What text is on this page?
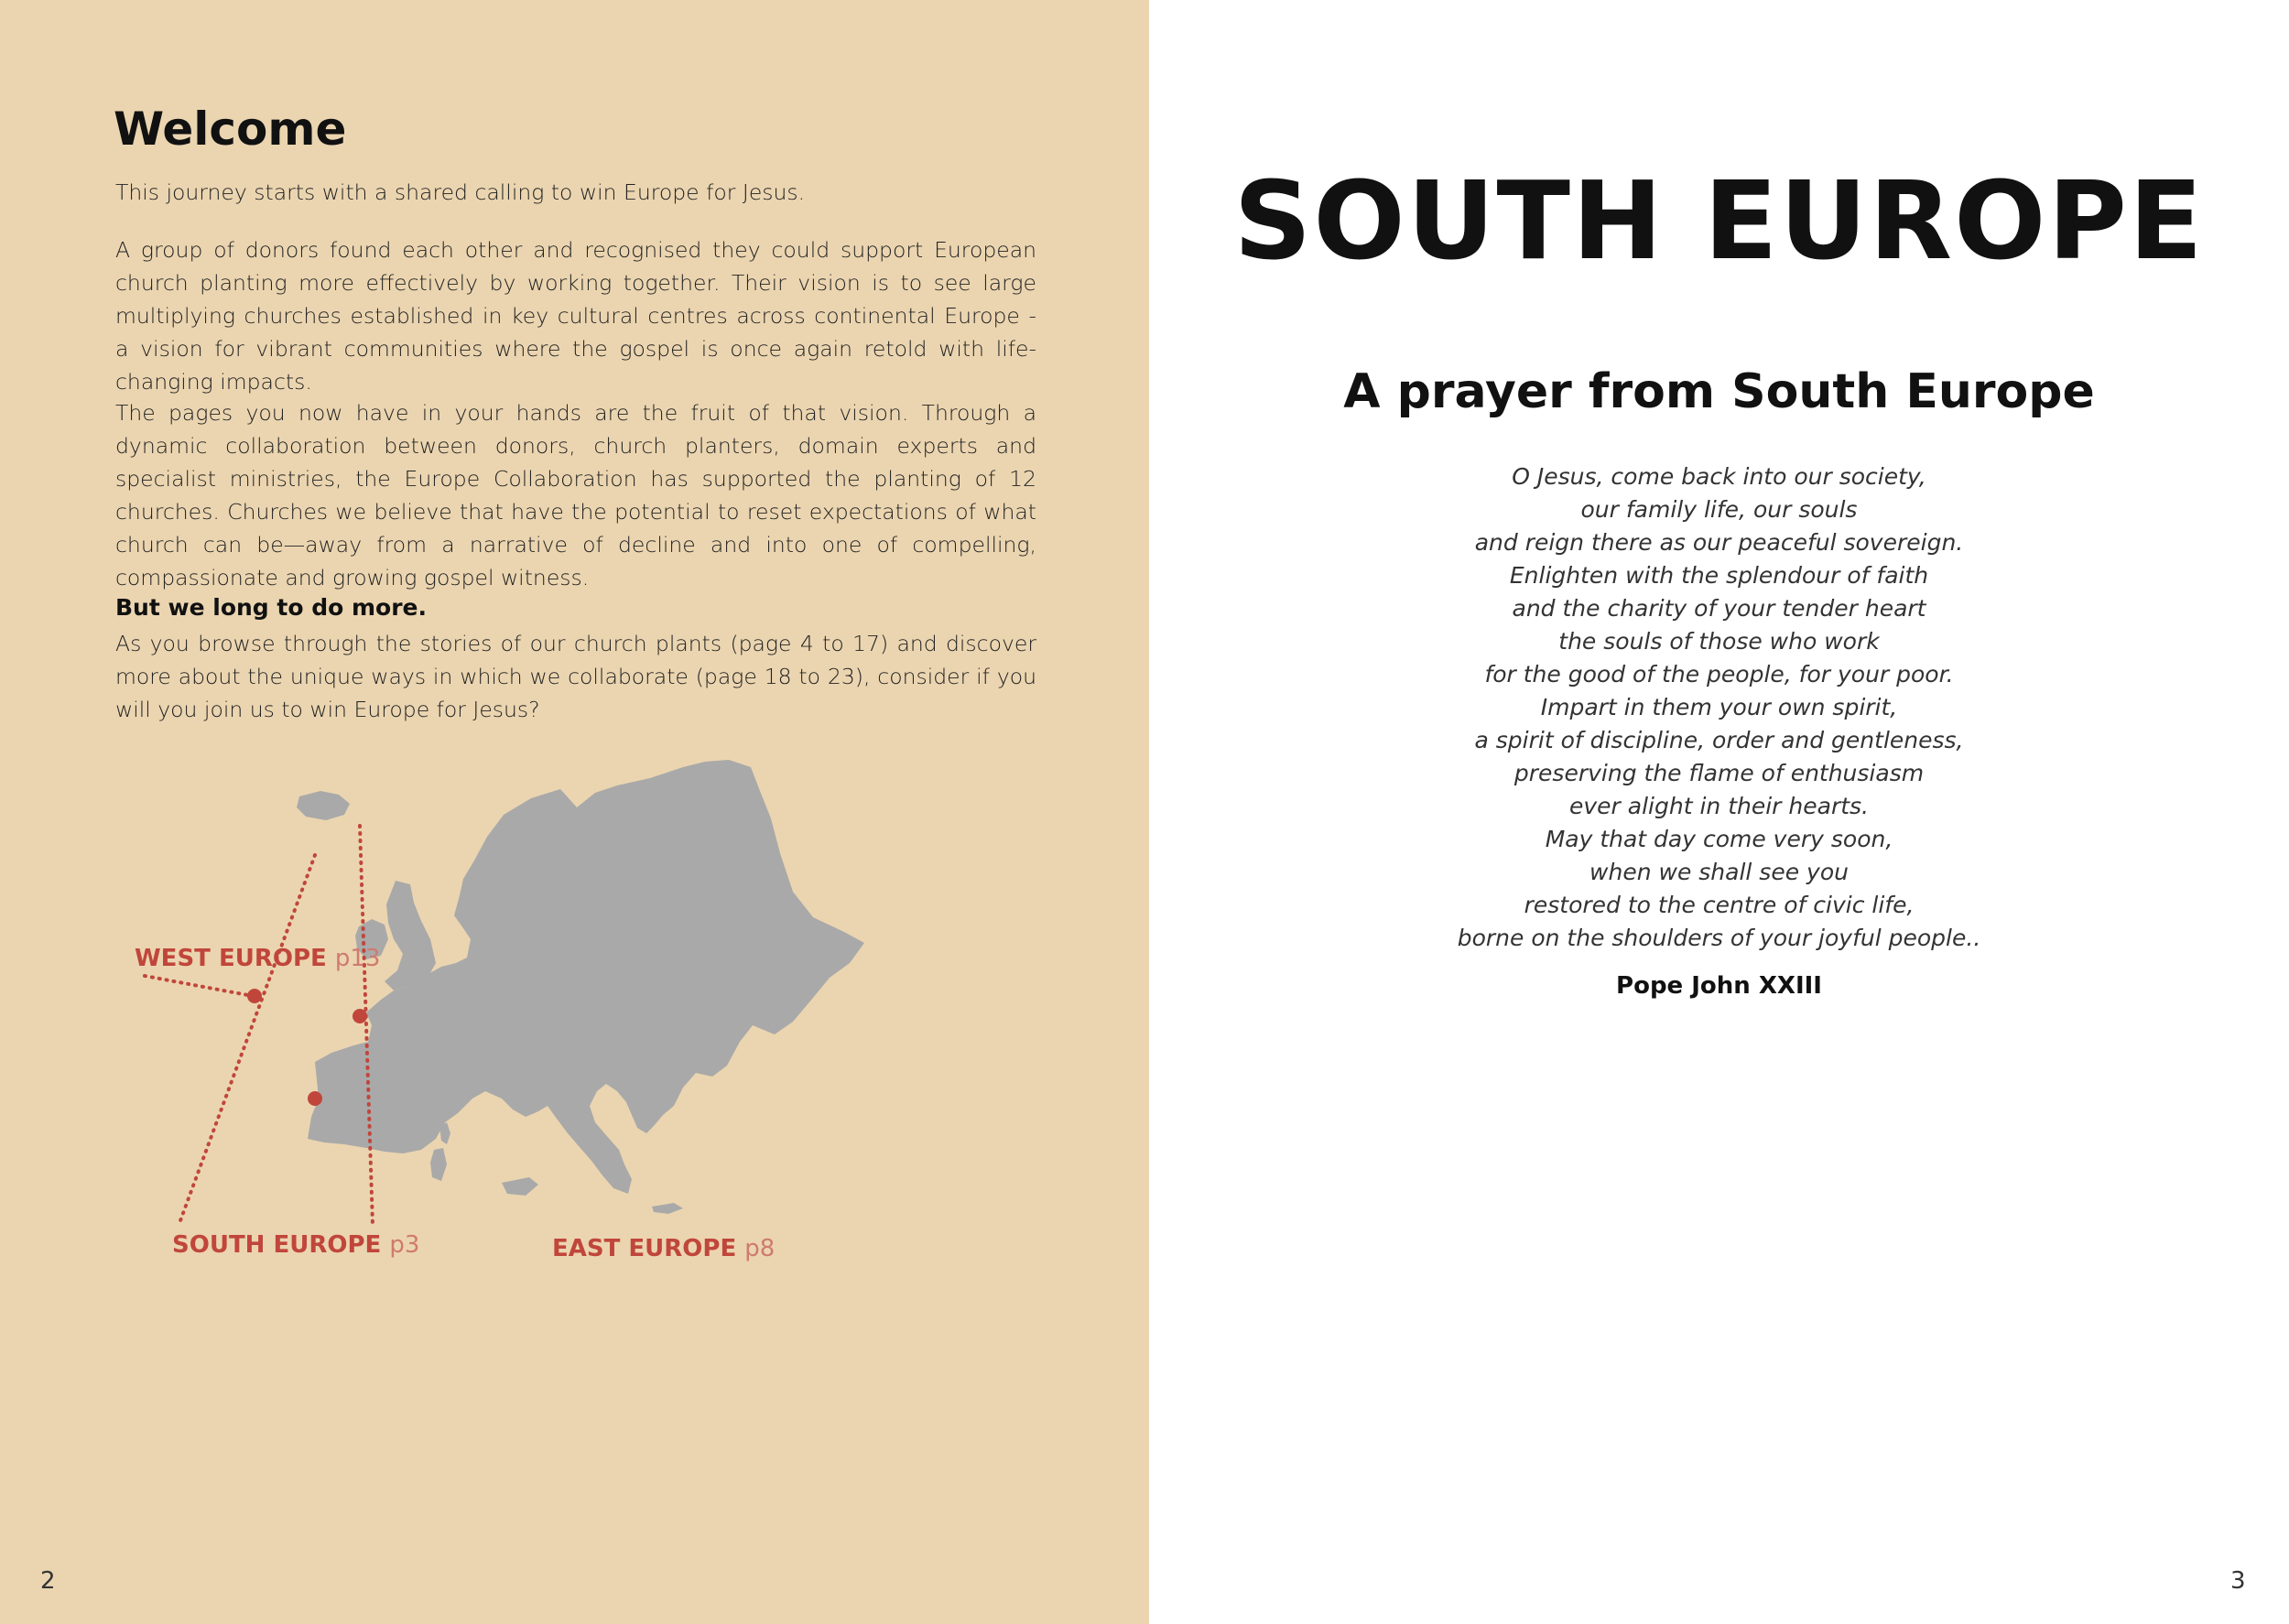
Welcome

This journey starts with a shared calling to win Europe for Jesus.

A group of donors found each other and recognised they could support European church planting more effectively by working together. Their vision is to see large multiplying churches established in key cultural centres across continental Europe - a vision for vibrant communities where the gospel is once again retold with life-changing impacts.

The pages you now have in your hands are the fruit of that vision. Through a dynamic collaboration between donors, church planters, domain experts and specialist ministries, the Europe Collaboration has supported the planting of 12 churches. Churches we believe that have the potential to reset expectations of what church can be—away from a narrative of decline and into one of compelling, compassionate and growing gospel witness.

But we long to do more.

As you browse through the stories of our church plants (page 4 to 17) and discover more about the unique ways in which we collaborate (page 18 to 23), consider if you will you join us to win Europe for Jesus?

WEST EUROPE p13
SOUTH EUROPE p3	EAST EUROPE p8
2
SOUTH EUROPE
A prayer from South Europe
O Jesus, come back into our society,
our family life, our souls
and reign there as our peaceful sovereign.
Enlighten with the splendour of faith
and the charity of your tender heart
the souls of those who work
for the good of the people, for your poor.
Impart in them your own spirit,
a spirit of discipline, order and gentleness,
preserving the flame of enthusiasm
ever alight in their hearts.
May that day come very soon,
when we shall see you
restored to the centre of civic life,
borne on the shoulders of your joyful people..

Pope John XXIII

3
